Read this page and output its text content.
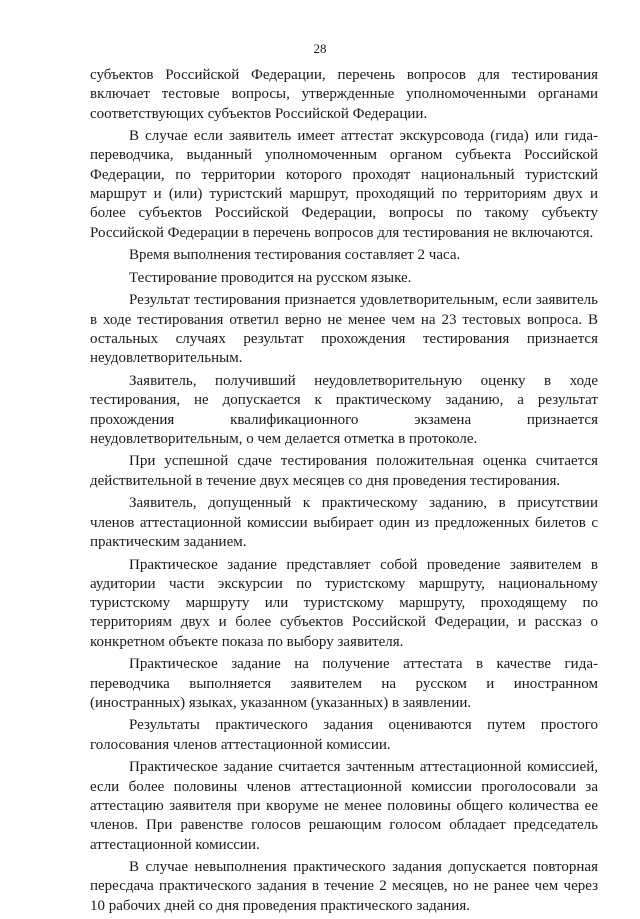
28

субъектов Российской Федерации, перечень вопросов для тестирования включает тестовые вопросы, утвержденные уполномоченными органами соответствующих субъектов Российской Федерации.

В случае если заявитель имеет аттестат экскурсовода (гида) или гида-переводчика, выданный уполномоченным органом субъекта Российской Федерации, по территории которого проходят национальный туристский маршрут и (или) туристский маршрут, проходящий по территориям двух и более субъектов Российской Федерации, вопросы по такому субъекту Российской Федерации в перечень вопросов для тестирования не включаются.

Время выполнения тестирования составляет 2 часа.

Тестирование проводится на русском языке.

Результат тестирования признается удовлетворительным, если заявитель в ходе тестирования ответил верно не менее чем на 23 тестовых вопроса. В остальных случаях результат прохождения тестирования признается неудовлетворительным.

Заявитель, получивший неудовлетворительную оценку в ходе тестирования, не допускается к практическому заданию, а результат прохождения квалификационного экзамена признается неудовлетворительным, о чем делается отметка в протоколе.

При успешной сдаче тестирования положительная оценка считается действительной в течение двух месяцев со дня проведения тестирования.

Заявитель, допущенный к практическому заданию, в присутствии членов аттестационной комиссии выбирает один из предложенных билетов с практическим заданием.

Практическое задание представляет собой проведение заявителем в аудитории части экскурсии по туристскому маршруту, национальному туристскому маршруту или туристскому маршруту, проходящему по территориям двух и более субъектов Российской Федерации, и рассказ о конкретном объекте показа по выбору заявителя.

Практическое задание на получение аттестата в качестве гида-переводчика выполняется заявителем на русском и иностранном (иностранных) языках, указанном (указанных) в заявлении.

Результаты практического задания оцениваются путем простого голосования членов аттестационной комиссии.

Практическое задание считается зачтенным аттестационной комиссией, если более половины членов аттестационной комиссии проголосовали за аттестацию заявителя при кворуме не менее половины общего количества ее членов. При равенстве голосов решающим голосом обладает председатель аттестационной комиссии.

В случае невыполнения практического задания допускается повторная пересдача практического задания в течение 2 месяцев, но не ранее чем через 10 рабочих дней со дня проведения практического задания.
